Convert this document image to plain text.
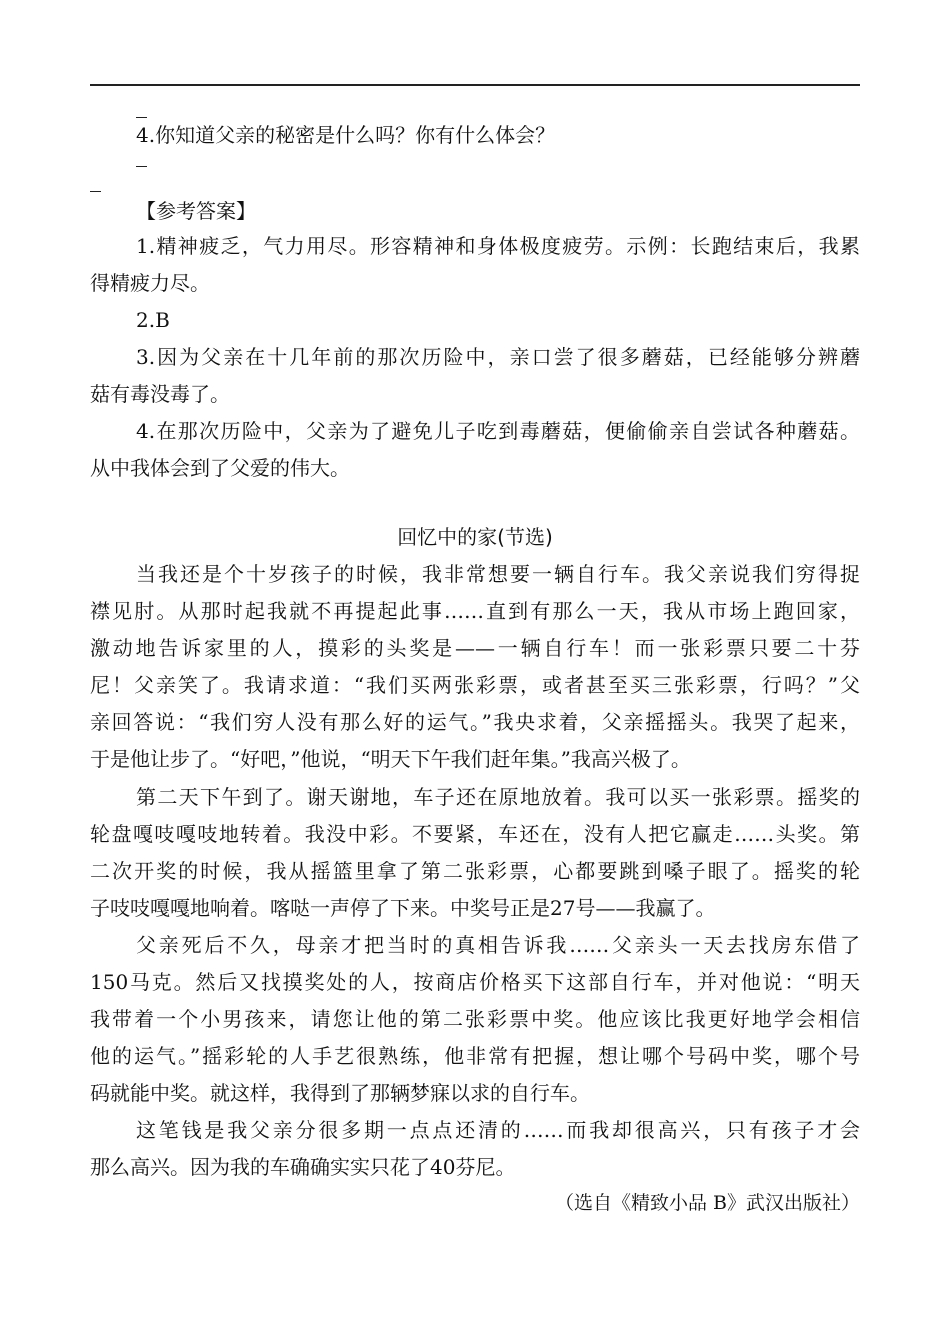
4.你知道父亲的秘密是什么吗？你有什么体会？
【参考答案】
1.精神疲乏，气力用尽。形容精神和身体极度疲劳。示例：长跑结束后，我累
得精疲力尽。
2.B
3.因为父亲在十几年前的那次历险中，亲口尝了很多蘑菇，已经能够分辨蘑
菇有毒没毒了。
4.在那次历险中，父亲为了避免儿子吃到毒蘑菇，便偷偷亲自尝试各种蘑菇。
从中我体会到了父爱的伟大。
回忆中的家(节选)
当我还是个十岁孩子的时候，我非常想要一辆自行车。我父亲说我们穷得捉
襟见肘。从那时起我就不再提起此事……直到有那么一天，我从市场上跑回家，
激动地告诉家里的人，摸彩的头奖是——一辆自行车！而一张彩票只要二十芬
尼！父亲笑了。我请求道：“我们买两张彩票，或者甚至买三张彩票，行吗？”父
亲回答说：“我们穷人没有那么好的运气。”我央求着，父亲摇摇头。我哭了起来，
于是他让步了。“好吧，”他说，“明天下午我们赶年集。”我高兴极了。
第二天下午到了。谢天谢地，车子还在原地放着。我可以买一张彩票。摇奖的
轮盘嘎吱嘎吱地转着。我没中彩。不要紧，车还在，没有人把它赢走……头奖。第
二次开奖的时候，我从摇篮里拿了第二张彩票，心都要跳到嗓子眼了。摇奖的轮
子吱吱嘎嘎地响着。喀哒一声停了下来。中奖号正是27号——我赢了。
父亲死后不久，母亲才把当时的真相告诉我……父亲头一天去找房东借了
150马克。然后又找摸奖处的人，按商店价格买下这部自行车，并对他说：“明天
我带着一个小男孩来，请您让他的第二张彩票中奖。他应该比我更好地学会相信
他的运气。”摇彩轮的人手艺很熟练，他非常有把握，想让哪个号码中奖，哪个号
码就能中奖。就这样，我得到了那辆梦寐以求的自行车。
这笔钱是我父亲分很多期一点点还清的……而我却很高兴，只有孩子才会
那么高兴。因为我的车确确实实只花了40芬尼。
（选自《精致小品 B》武汉出版社）
